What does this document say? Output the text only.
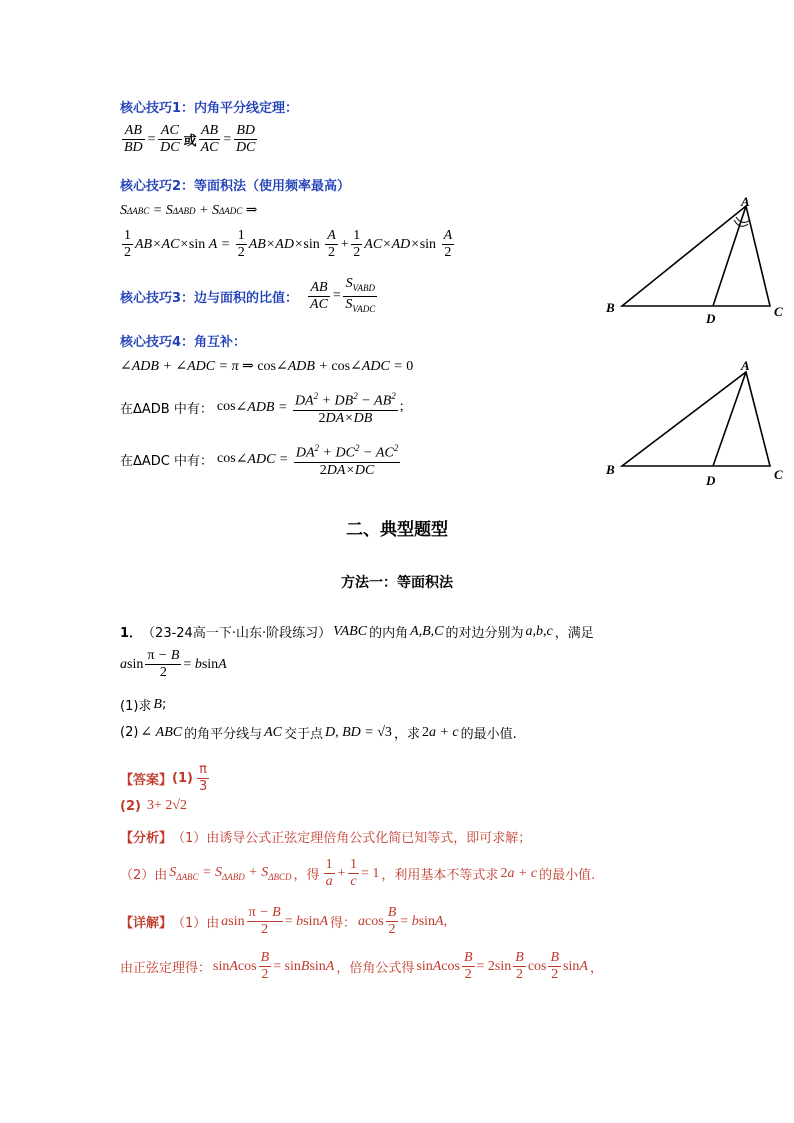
核心技巧1：内角平分线定理：
$\frac{AB}{BD} = \frac{AC}{DC}$ 或 $\frac{AB}{AC} = \frac{BD}{DC}$
核心技巧2：等面积法（使用频率最高）
S ΔABC = S ΔABD + S ΔADC
⇒
$\frac{1}{2} AB\times AC\times \sin A = \frac{1}{2} AB\times AD\times \sin$
$\frac{A}{2} + \frac{1}{2} AC\times AD\times \sin$
$\frac{A}{2}$
核心技巧3：边与面积的比值： $\frac{AB}{AC} = \frac{S_{VABD}}{S_{VADC}}$
核心技巧4：角互补：
∠ADB + ∠ADC = π ⇒ cos ∠ADB + cos ∠ADC = 0
在ΔADB 中有： cos ∠ADB = $\frac{DA^2 + DB^2 - AB^2}{2DA\times DB}$ ;
在ΔADC 中有： cos ∠ADC = $\frac{DA^2 + DC^2 - AC^2}{2DA\times DC}$
A
B
D	C
A
B
D	C
二、典型题型
方法一：等面积法
1． （23-24高一下·山东·阶段练习） VABC 的内角 A,B,C 的对边分别为 a,b,c ，满足
a $\sin \frac{\pi - B}{2} = b$ sin A
(1)求 B ;
(2) ∠ ABC 的角平分线与 AC 交于点 D, BD = √3 ，求 2a + c 的最小值.
【答案】 $(1) \frac{\pi}{3}$
(2) 3+ 2√2
【分析】 （1）由诱导公式正弦定理倍角公式化简已知等式，即可求解；
（2）由 $S_{\Delta ABC} = S_{\Delta ABD} + S_{\Delta BCD}$ ，得 $\frac{1}{a} + \frac{1}{c} = 1$ ，利用基本不等式求 2a + c 的最小值.
【详解】 （1）由 a $\sin \frac{\pi - B}{2} = b$ sin A 得： a $\cos \frac{B}{2} = b$ sin A ,
由正弦定理得： sin A $\cos \frac{B}{2} = \sin B$ sin A ，倍角公式得 sin A $\cos \frac{B}{2} = 2\sin \frac{B}{2}$ $\cos \frac{B}{2}$ sin A ，
